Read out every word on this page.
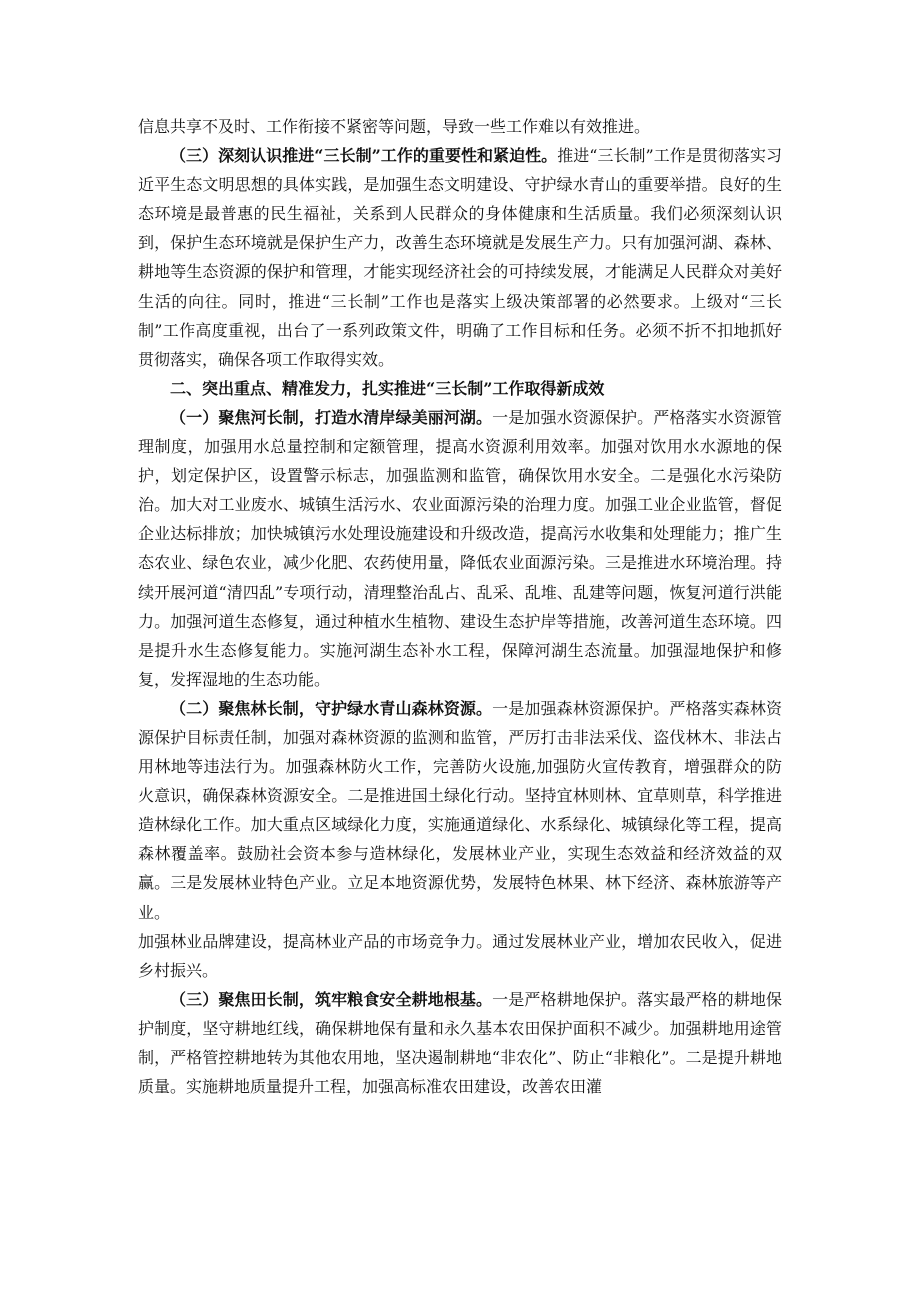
信息共享不及时、工作衔接不紧密等问题，导致一些工作难以有效推进。

（三）深刻认识推进“三长制”工作的重要性和紧迫性。推进“三长制”工作是贯彻落实习近平生态文明思想的具体实践，是加强生态文明建设、守护绿水青山的重要举措。良好的生态环境是最普惠的民生福祉，关系到人民群众的身体健康和生活质量。我们必须深刻认识到，保护生态环境就是保护生产力，改善生态环境就是发展生产力。只有加强河湖、森林、耕地等生态资源的保护和管理，才能实现经济社会的可持续发展，才能满足人民群众对美好生活的向往。同时，推进“三长制”工作也是落实上级决策部署的必然要求。上级对“三长制”工作高度重视，出台了一系列政策文件，明确了工作目标和任务。必须不折不扣地抓好贯彻落实，确保各项工作取得实效。

二、突出重点、精准发力，扎实推进“三长制”工作取得新成效

（一）聚焦河长制，打造水清岸绿美丽河湖。一是加强水资源保护。严格落实水资源管理制度，加强用水总量控制和定额管理，提高水资源利用效率。加强对饮用水水源地的保护，划定保护区，设置警示标志，加强监测和监管，确保饮用水安全。二是强化水污染防治。加大对工业废水、城镇生活污水、农业面源污染的治理力度。加强工业企业监管，督促企业达标排放；加快城镇污水处理设施建设和升级改造，提高污水收集和处理能力；推广生态农业、绿色农业，减少化肥、农药使用量，降低农业面源污染。三是推进水环境治理。持续开展河道“清四乱”专项行动，清理整治乱占、乱采、乱堆、乱建等问题，恢复河道行洪能力。加强河道生态修复，通过种植水生植物、建设生态护岸等措施，改善河道生态环境。四是提升水生态修复能力。实施河湖生态补水工程，保障河湖生态流量。加强湿地保护和修复，发挥湿地的生态功能。

（二）聚焦林长制，守护绿水青山森林资源。一是加强森林资源保护。严格落实森林资源保护目标责任制，加强对森林资源的监测和监管，严厉打击非法采伐、盗伐林木、非法占用林地等违法行为。加强森林防火工作，完善防火设施,加强防火宣传教育，增强群众的防火意识，确保森林资源安全。二是推进国土绿化行动。坚持宜林则林、宜草则草，科学推进造林绿化工作。加大重点区域绿化力度，实施通道绿化、水系绿化、城镇绿化等工程，提高森林覆盖率。鼓励社会资本参与造林绿化，发展林业产业，实现生态效益和经济效益的双赢。三是发展林业特色产业。立足本地资源优势，发展特色林果、林下经济、森林旅游等产业。

加强林业品牌建设，提高林业产品的市场竞争力。通过发展林业产业，增加农民收入，促进乡村振兴。

（三）聚焦田长制，筑牢粮食安全耕地根基。一是严格耕地保护。落实最严格的耕地保护制度，坚守耕地红线，确保耕地保有量和永久基本农田保护面积不减少。加强耕地用途管制，严格管控耕地转为其他农用地，坚决遏制耕地“非农化”、防止“非粮化”。二是提升耕地质量。实施耕地质量提升工程，加强高标准农田建设，改善农田灌
